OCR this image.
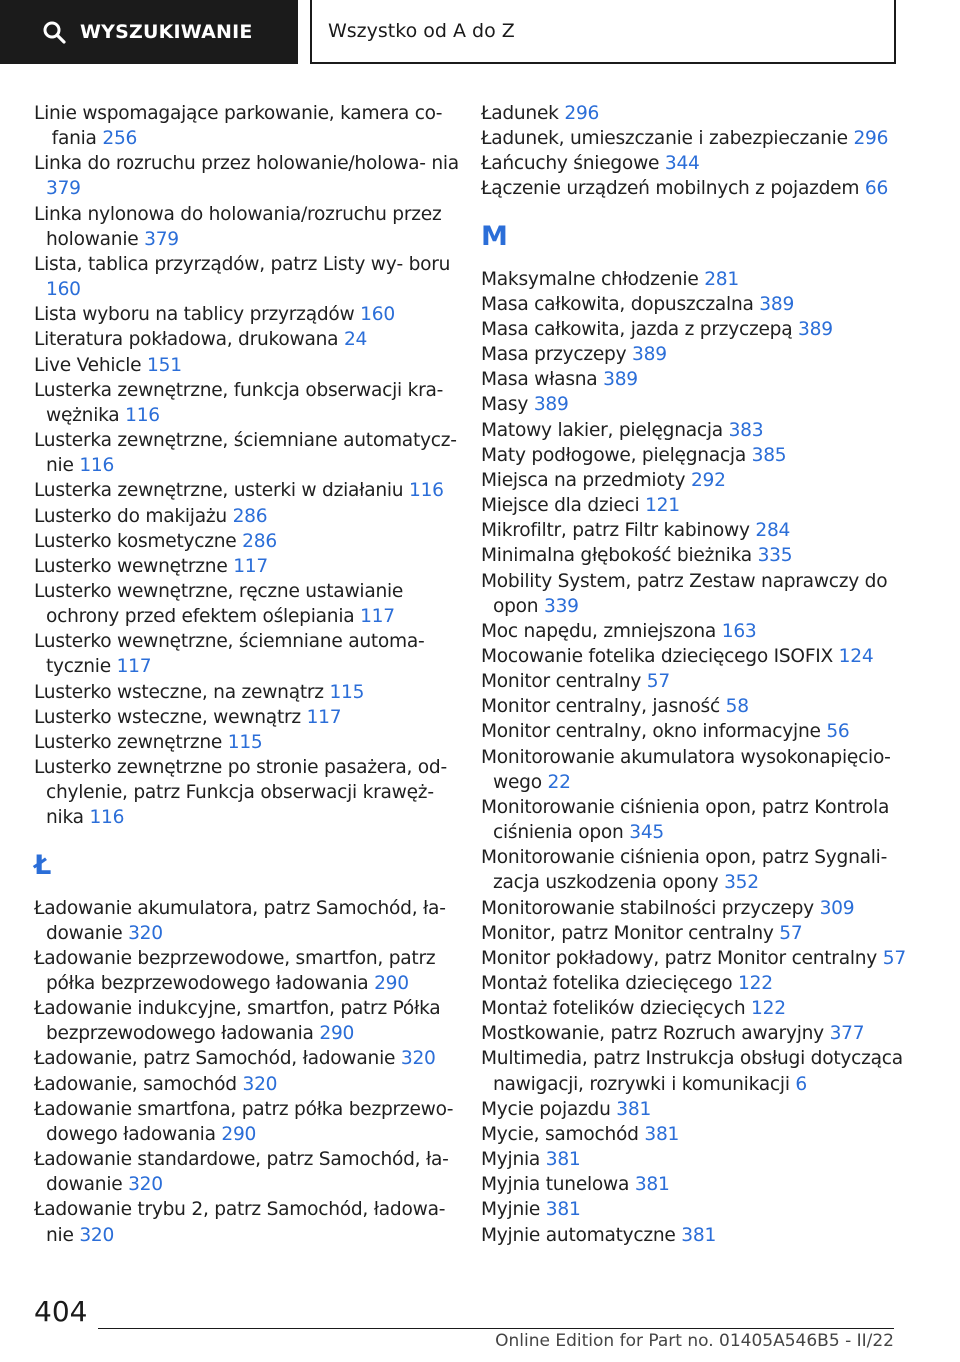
WYSZUKIWANIE	Wszystko od A do Z
Linie wspomagające parkowanie, kamera co‐ fania 256
Linka do rozruchu przez holowanie/holowa‐ nia 379
Linka nylonowa do holowania/rozruchu przez holowanie 379
Lista, tablica przyrządów, patrz Listy wy‐ boru 160
Lista wyboru na tablicy przyrządów 160
Literatura pokładowa, drukowana 24
Live Vehicle 151
Lusterka zewnętrzne, funkcja obserwacji kra‐ wężnika 116
Lusterka zewnętrzne, ściemniane automatycz‐ nie 116
Lusterka zewnętrzne, usterki w działaniu 116
Lusterko do makijażu 286
Lusterko kosmetyczne 286
Lusterko wewnętrzne 117
Lusterko wewnętrzne, ręczne ustawianie ochrony przed efektem oślepiania 117
Lusterko wewnętrzne, ściemniane automa‐ tycznie 117
Lusterko wsteczne, na zewnątrz 115
Lusterko wsteczne, wewnątrz 117
Lusterko zewnętrzne 115
Lusterko zewnętrzne po stronie pasażera, od‐ chylenie, patrz Funkcja obserwacji krawęż‐ nika 116
Ł
Ładowanie akumulatora, patrz Samochód, ła‐ dowanie 320
Ładowanie bezprzewodowe, smartfon, patrz półka bezprzewodowego ładowania 290
Ładowanie indukcyjne, smartfon, patrz Półka bezprzewodowego ładowania 290
Ładowanie, patrz Samochód, ładowanie 320
Ładowanie, samochód 320
Ładowanie smartfona, patrz półka bezprzewo‐ dowego ładowania 290
Ładowanie standardowe, patrz Samochód, ła‐ dowanie 320
Ładowanie trybu 2, patrz Samochód, ładowa‐ nie 320
Ładunek 296
Ładunek, umieszczanie i zabezpieczanie 296
Łańcuchy śniegowe 344
Łączenie urządzeń mobilnych z pojazdem 66
M
Maksymalne chłodzenie 281
Masa całkowita, dopuszczalna 389
Masa całkowita, jazda z przyczepą 389
Masa przyczepy 389
Masa własna 389
Masy 389
Matowy lakier, pielęgnacja 383
Maty podłogowe, pielęgnacja 385
Miejsca na przedmioty 292
Miejsce dla dzieci 121
Mikrofiltr, patrz Filtr kabinowy 284
Minimalna głębokość bieżnika 335
Mobility System, patrz Zestaw naprawczy do opon 339
Moc napędu, zmniejszona 163
Mocowanie fotelika dziecięcego ISOFIX 124
Monitor centralny 57
Monitor centralny, jasność 58
Monitor centralny, okno informacyjne 56
Monitorowanie akumulatora wysokonapięcio‐ wego 22
Monitorowanie ciśnienia opon, patrz Kontrola ciśnienia opon 345
Monitorowanie ciśnienia opon, patrz Sygnali‐ zacja uszkodzenia opony 352
Monitorowanie stabilności przyczepy 309
Monitor, patrz Monitor centralny 57
Monitor pokładowy, patrz Monitor centralny 57
Montaż fotelika dziecięcego 122
Montaż fotelików dziecięcych 122
Mostkowanie, patrz Rozruch awaryjny 377
Multimedia, patrz Instrukcja obsługi dotycząca nawigacji, rozrywki i komunikacji 6
Mycie pojazdu 381
Mycie, samochód 381
Myjnia 381
Myjnia tunelowa 381
Myjnie 381
Myjnie automatyczne 381
404
Online Edition for Part no. 01405A546B5 - II/22
